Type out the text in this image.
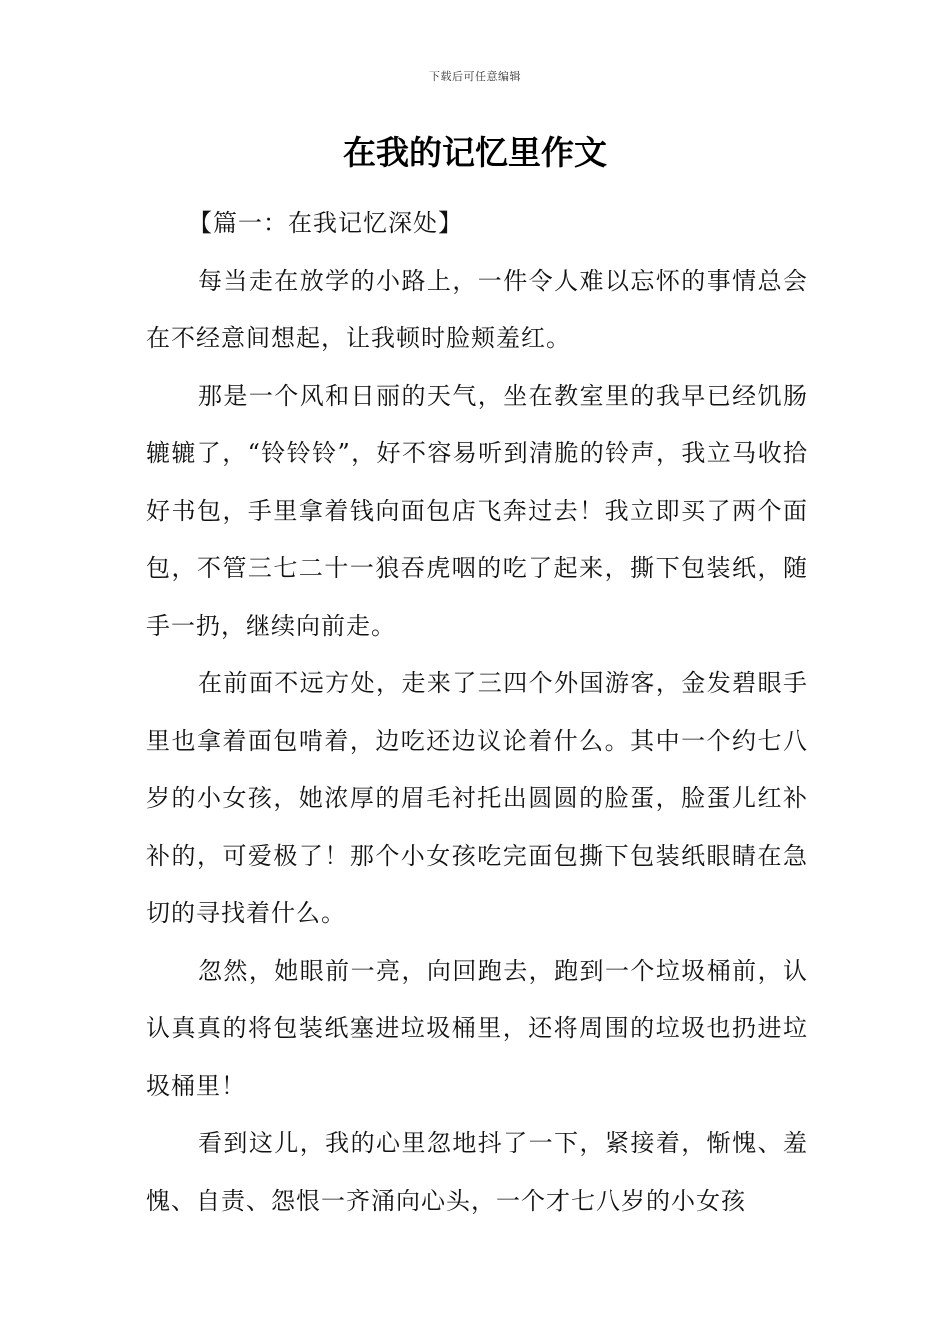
下载后可任意编辑
在我的记忆里作文
【篇一：在我记忆深处】

每当走在放学的小路上，一件令人难以忘怀的事情总会在不经意间想起，让我顿时脸颊羞红。

那是一个风和日丽的天气，坐在教室里的我早已经饥肠辘辘了，“铃铃铃”，好不容易听到清脆的铃声，我立马收拾好书包，手里拿着钱向面包店飞奔过去！我立即买了两个面包，不管三七二十一狼吞虎咽的吃了起来，撕下包装纸，随手一扔，继续向前走。

在前面不远方处，走来了三四个外国游客，金发碧眼手里也拿着面包啃着，边吃还边议论着什么。其中一个约七八岁的小女孩，她浓厚的眉毛衬托出圆圆的脸蛋，脸蛋儿红补补的，可爱极了！那个小女孩吃完面包撕下包装纸眼睛在急切的寻找着什么。

忽然，她眼前一亮，向回跑去，跑到一个垃圾桶前，认认真真的将包装纸塞进垃圾桶里，还将周围的垃圾也扔进垃圾桶里！

看到这儿，我的心里忽地抖了一下，紧接着，惭愧、羞愧、自责、怨恨一齐涌向心头，一个才七八岁的小女孩
